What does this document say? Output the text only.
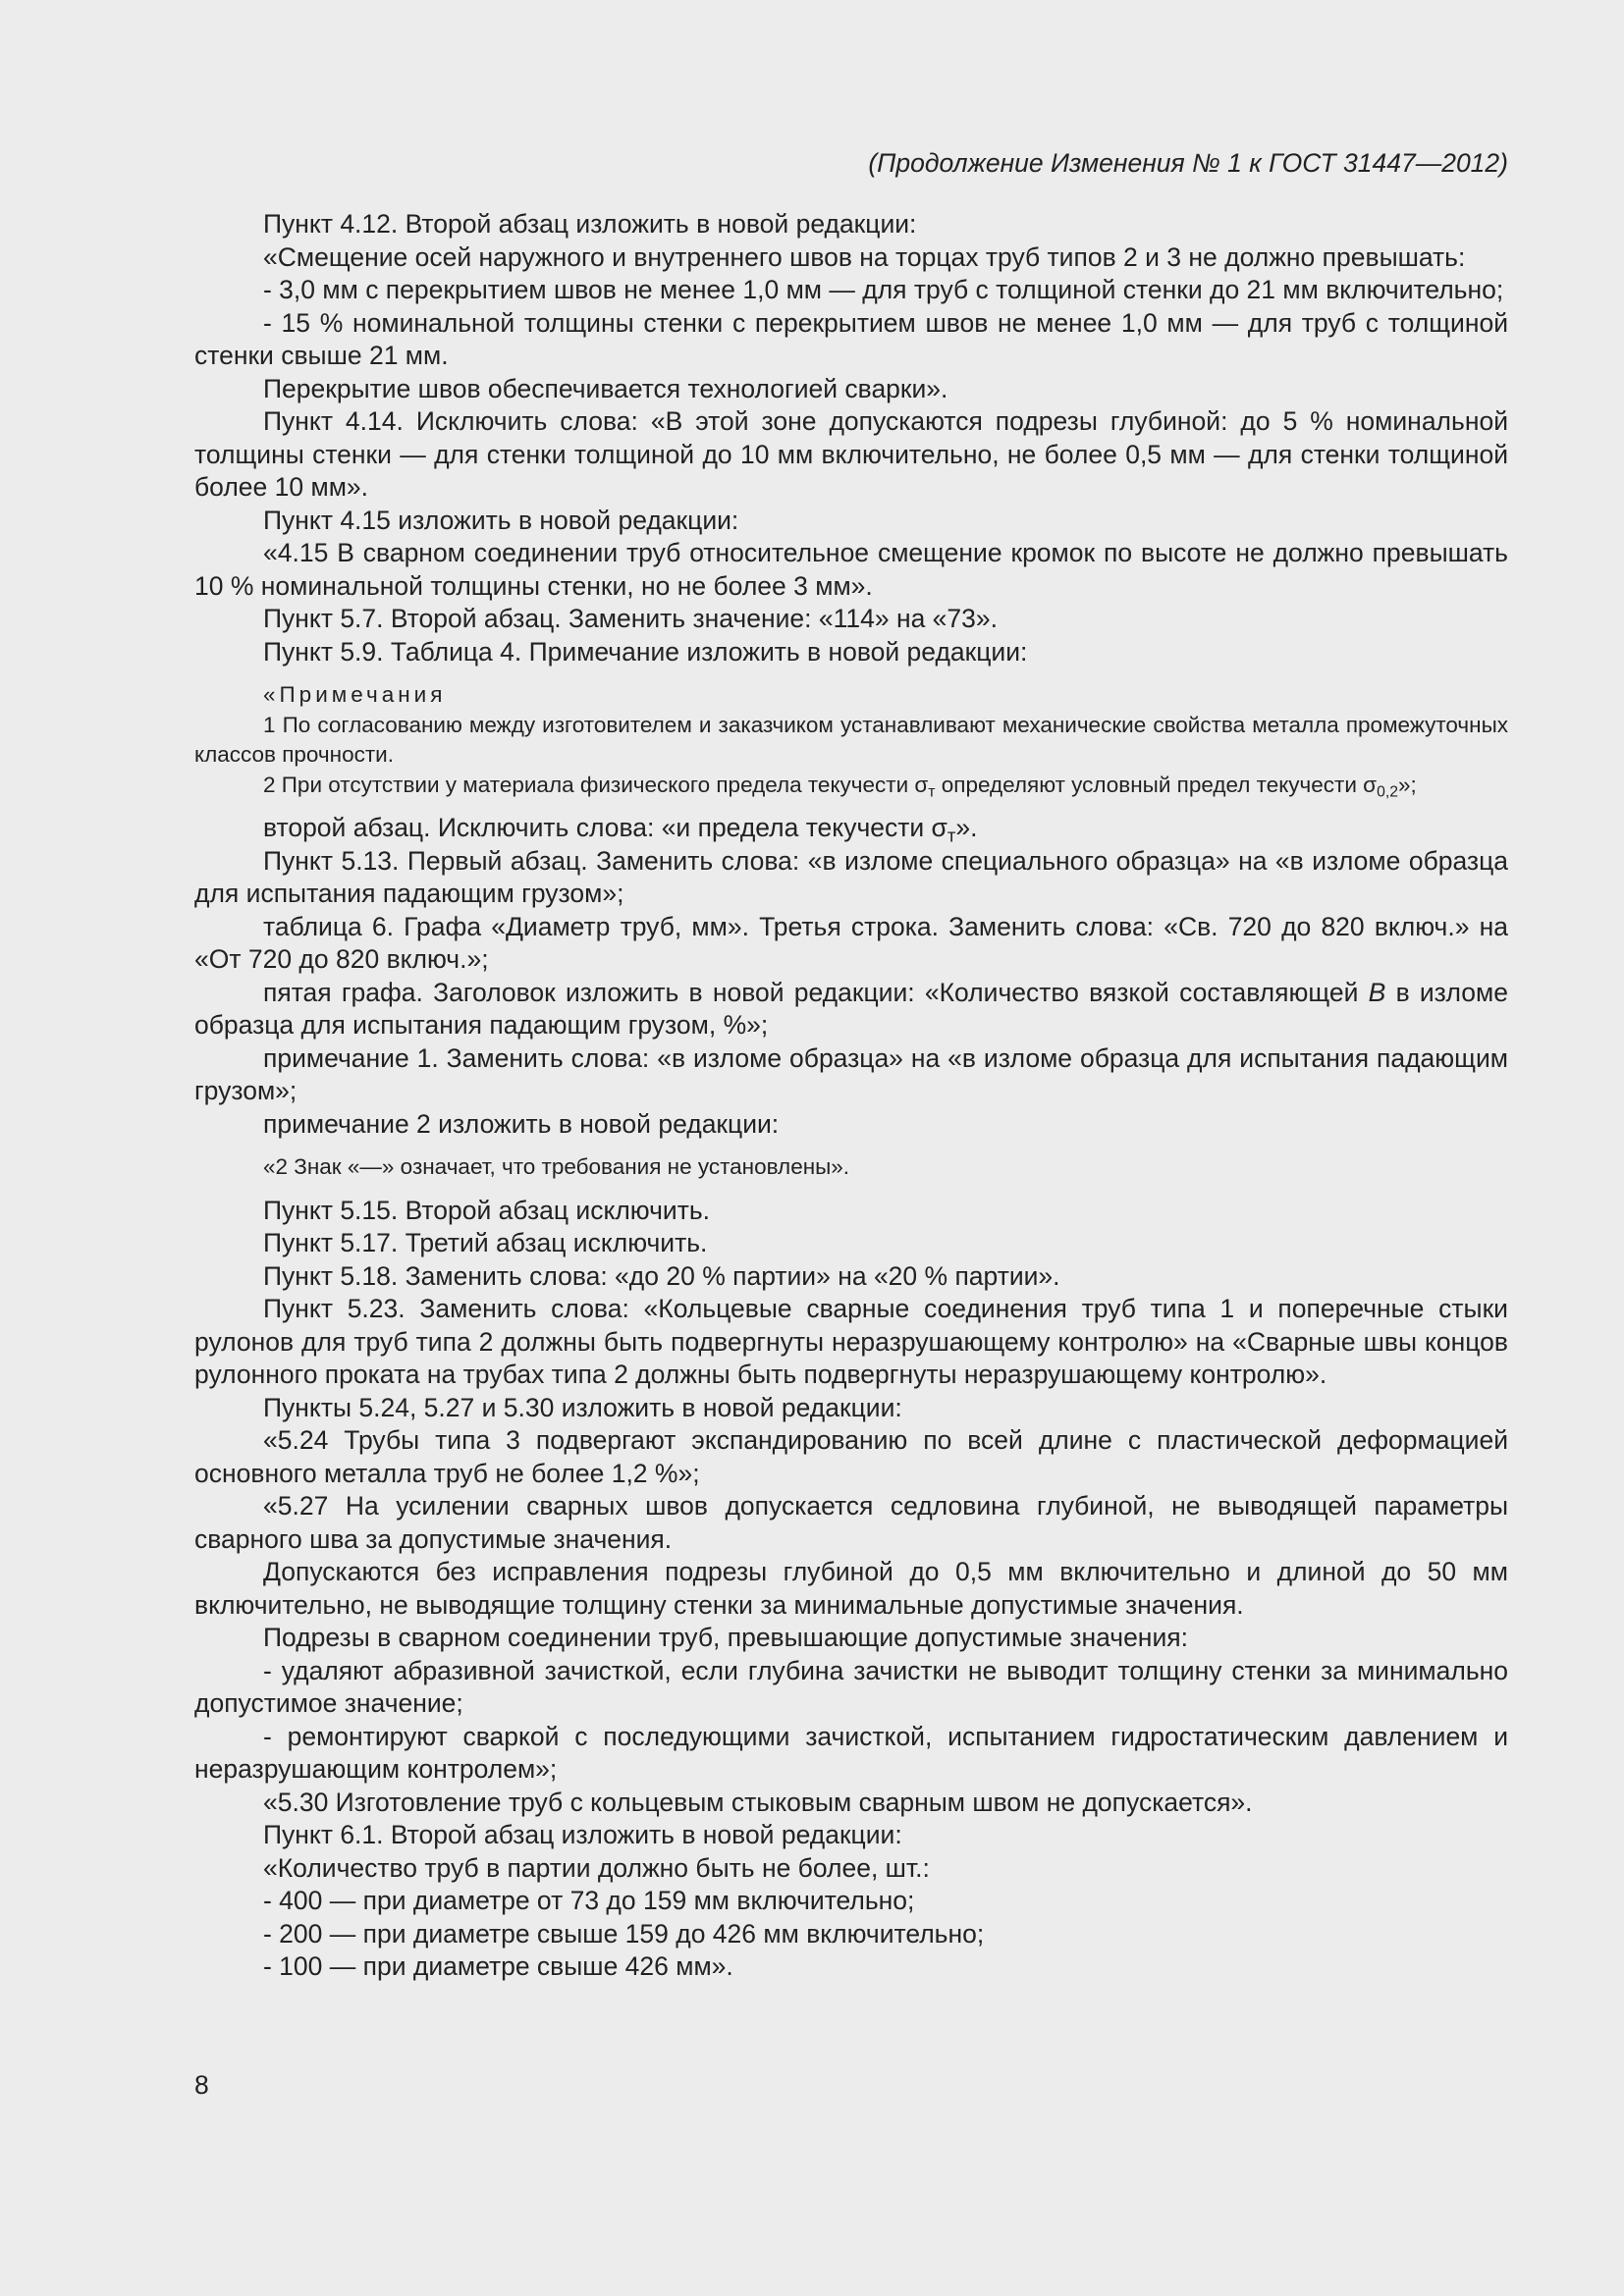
(Продолжение Изменения № 1 к ГОСТ 31447—2012)

Пункт 4.12. Второй абзац изложить в новой редакции:

«Смещение осей наружного и внутреннего швов на торцах труб типов 2 и 3 не должно превышать:

- 3,0 мм с перекрытием швов не менее 1,0 мм — для труб с толщиной стенки до 21 мм включительно;

- 15 % номинальной толщины стенки с перекрытием швов не менее 1,0 мм — для труб с толщиной стенки свыше 21 мм.

Перекрытие швов обеспечивается технологией сварки».

Пункт 4.14. Исключить слова: «В этой зоне допускаются подрезы глубиной: до 5 % номинальной толщины стенки — для стенки толщиной до 10 мм включительно, не более 0,5 мм — для стенки толщиной более 10 мм».

Пункт 4.15 изложить в новой редакции:

«4.15 В сварном соединении труб относительное смещение кромок по высоте не должно превышать 10 % номинальной толщины стенки, но не более 3 мм».

Пункт 5.7. Второй абзац. Заменить значение: «114» на «73».

Пункт 5.9. Таблица 4. Примечание изложить в новой редакции:

«Примечания

1 По согласованию между изготовителем и заказчиком устанавливают механические свойства металла промежуточных классов прочности.

2 При отсутствии у материала физического предела текучести $\sigma_т$ определяют условный предел текучести $\sigma_{0,2}$»;

второй абзац. Исключить слова: «и предела текучести $\sigma_т$».

Пункт 5.13. Первый абзац. Заменить слова: «в изломе специального образца» на «в изломе образца для испытания падающим грузом»;

таблица 6. Графа «Диаметр труб, мм». Третья строка. Заменить слова: «Св. 720 до 820 включ.» на «От 720 до 820 включ.»;

пятая графа. Заголовок изложить в новой редакции: «Количество вязкой составляющей B в изломе образца для испытания падающим грузом, %»;

примечание 1. Заменить слова: «в изломе образца» на «в изломе образца для испытания падающим грузом»;

примечание 2 изложить в новой редакции:

«2 Знак «—» означает, что требования не установлены».

Пункт 5.15. Второй абзац исключить.

Пункт 5.17. Третий абзац исключить.

Пункт 5.18. Заменить слова: «до 20 % партии» на «20 % партии».

Пункт 5.23. Заменить слова: «Кольцевые сварные соединения труб типа 1 и поперечные стыки рулонов для труб типа 2 должны быть подвергнуты неразрушающему контролю» на «Сварные швы концов рулонного проката на трубах типа 2 должны быть подвергнуты неразрушающему контролю».

Пункты 5.24, 5.27 и 5.30 изложить в новой редакции:

«5.24 Трубы типа 3 подвергают экспандированию по всей длине с пластической деформацией основного металла труб не более 1,2 %»;

«5.27 На усилении сварных швов допускается седловина глубиной, не выводящей параметры сварного шва за допустимые значения.

Допускаются без исправления подрезы глубиной до 0,5 мм включительно и длиной до 50 мм включительно, не выводящие толщину стенки за минимальные допустимые значения.

Подрезы в сварном соединении труб, превышающие допустимые значения:

- удаляют абразивной зачисткой, если глубина зачистки не выводит толщину стенки за минимально допустимое значение;

- ремонтируют сваркой с последующими зачисткой, испытанием гидростатическим давлением и неразрушающим контролем»;

«5.30 Изготовление труб с кольцевым стыковым сварным швом не допускается».

Пункт 6.1. Второй абзац изложить в новой редакции:

«Количество труб в партии должно быть не более, шт.:

- 400 — при диаметре от 73 до 159 мм включительно;

- 200 — при диаметре свыше 159 до 426 мм включительно;

- 100 — при диаметре свыше 426 мм».

8
